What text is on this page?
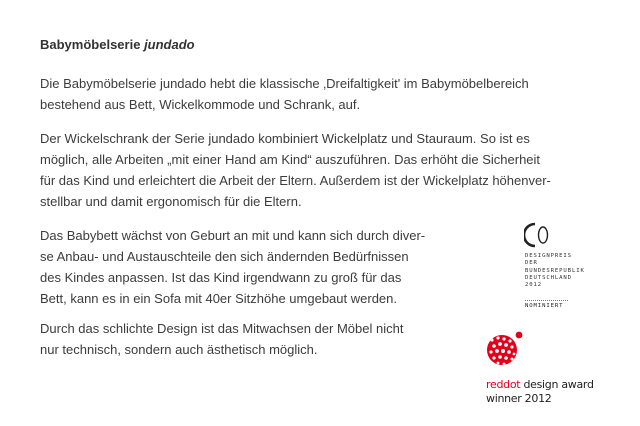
Babymöbelserie jundado
Die Babymöbelserie jundado hebt die klassische ‚Dreifaltigkeit' im Babymöbelbereich
bestehend aus Bett, Wickelkommode und Schrank, auf.
Der Wickelschrank der Serie jundado kombiniert Wickelplatz und Stauraum. So ist es
möglich, alle Arbeiten „mit einer Hand am Kind“ auszuführen. Das erhöht die Sicherheit
für das Kind und erleichtert die Arbeit der Eltern. Außerdem ist der Wickelplatz höhenver-
stellbar und damit ergonomisch für die Eltern.
Das Babybett wächst von Geburt an mit und kann sich durch diver-
se Anbau- und Austauschteile den sich ändernden Bedürfnissen
des Kindes anpassen. Ist das Kind irgendwann zu groß für das
Bett, kann es in ein Sofa mit 40er Sitzhöhe umgebaut werden.
Durch das schlichte Design ist das Mitwachsen der Möbel nicht
nur technisch, sondern auch ästhetisch möglich.
DESIGNPREIS
DER
BUNDESREPUBLIK
DEUTSCHLAND
2012
NOMINIERT
reddot design award
winner 2012
